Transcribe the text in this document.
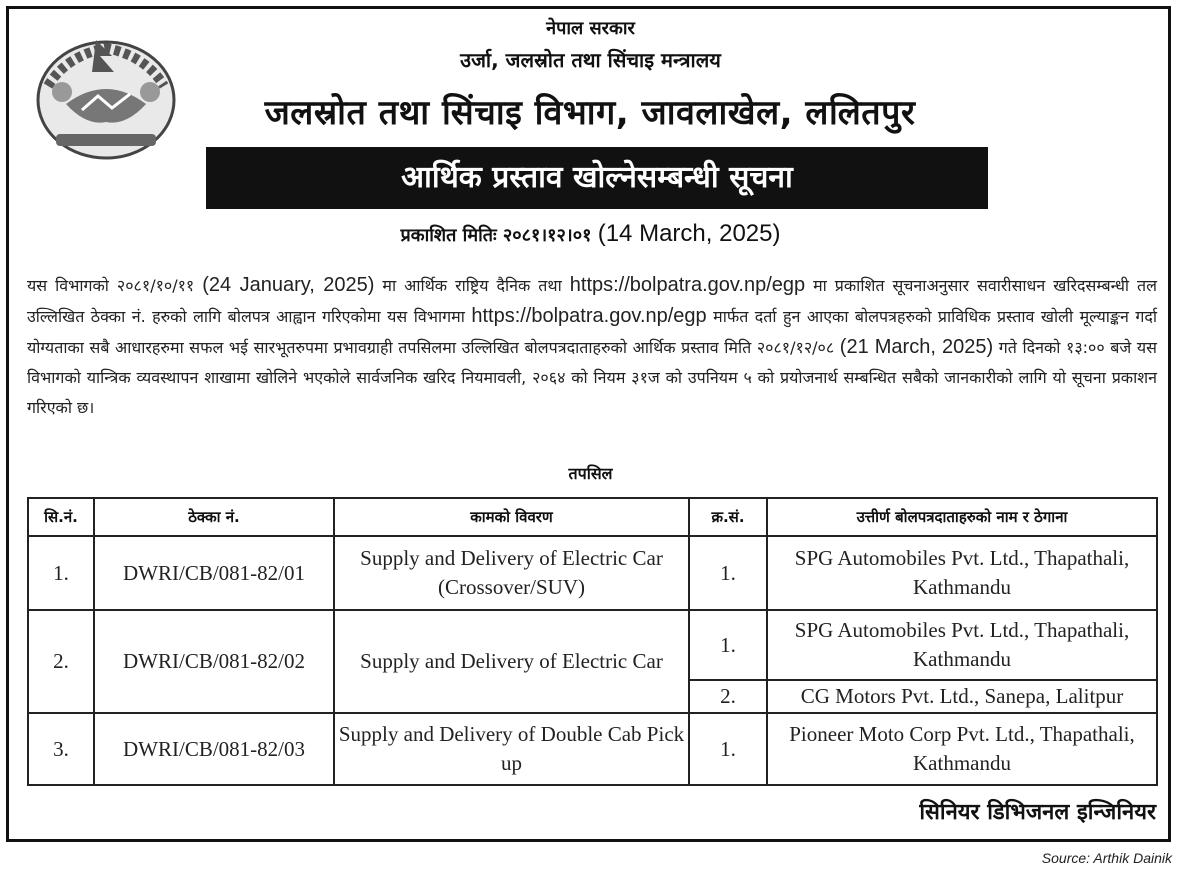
नेपाल सरकार
उर्जा, जलस्रोत तथा सिंचाइ मन्त्रालय
जलस्रोत तथा सिंचाइ विभाग, जावलाखेल, ललितपुर
आर्थिक प्रस्ताव खोल्नेसम्बन्धी सूचना
प्रकाशित मितिः २०८१।१२।०१ (14 March, 2025)
यस विभागको २०८१/१०/११ (24 January, 2025) मा आर्थिक राष्ट्रिय दैनिक तथा https://bolpatra.gov.np/egp मा प्रकाशित सूचनाअनुसार सवारीसाधन खरिदसम्बन्धी तल उल्लिखित ठेक्का नं. हरुको लागि बोलपत्र आह्वान गरिएकोमा यस विभागमा https://bolpatra.gov.np/egp मार्फत दर्ता हुन आएका बोलपत्रहरुको प्राविधिक प्रस्ताव खोली मूल्याङ्कन गर्दा योग्यताका सबै आधारहरुमा सफल भई सारभूतरुपमा प्रभावग्राही तपसिलमा उल्लिखित बोलपत्रदाताहरुको आर्थिक प्रस्ताव मिति २०८१/१२/०८ (21 March, 2025) गते दिनको १३:०० बजे यस विभागको यान्त्रिक व्यवस्थापन शाखामा खोलिने भएकोले सार्वजनिक खरिद नियमावली, २०६४ को नियम ३१ज को उपनियम ५ को प्रयोजनार्थ सम्बन्धित सबैको जानकारीको लागि यो सूचना प्रकाशन गरिएको छ।
तपसिल
सि.नं.	ठेक्का नं.	कामको विवरण	क्र.सं.	उत्तीर्ण बोलपत्रदाताहरुको नाम र ठेगाना
1.	DWRI/CB/081-82/01	Supply and Delivery of Electric Car (Crossover/SUV)	1.	SPG Automobiles Pvt. Ltd., Thapathali, Kathmandu
2.	DWRI/CB/081-82/02	Supply and Delivery of Electric Car	1.	SPG Automobiles Pvt. Ltd., Thapathali, Kathmandu
			2.	CG Motors Pvt. Ltd., Sanepa, Lalitpur
3.	DWRI/CB/081-82/03	Supply and Delivery of Double Cab Pick up	1.	Pioneer Moto Corp Pvt. Ltd., Thapathali, Kathmandu
सिनियर डिभिजनल इन्जिनियर
Source: Arthik Dainik
